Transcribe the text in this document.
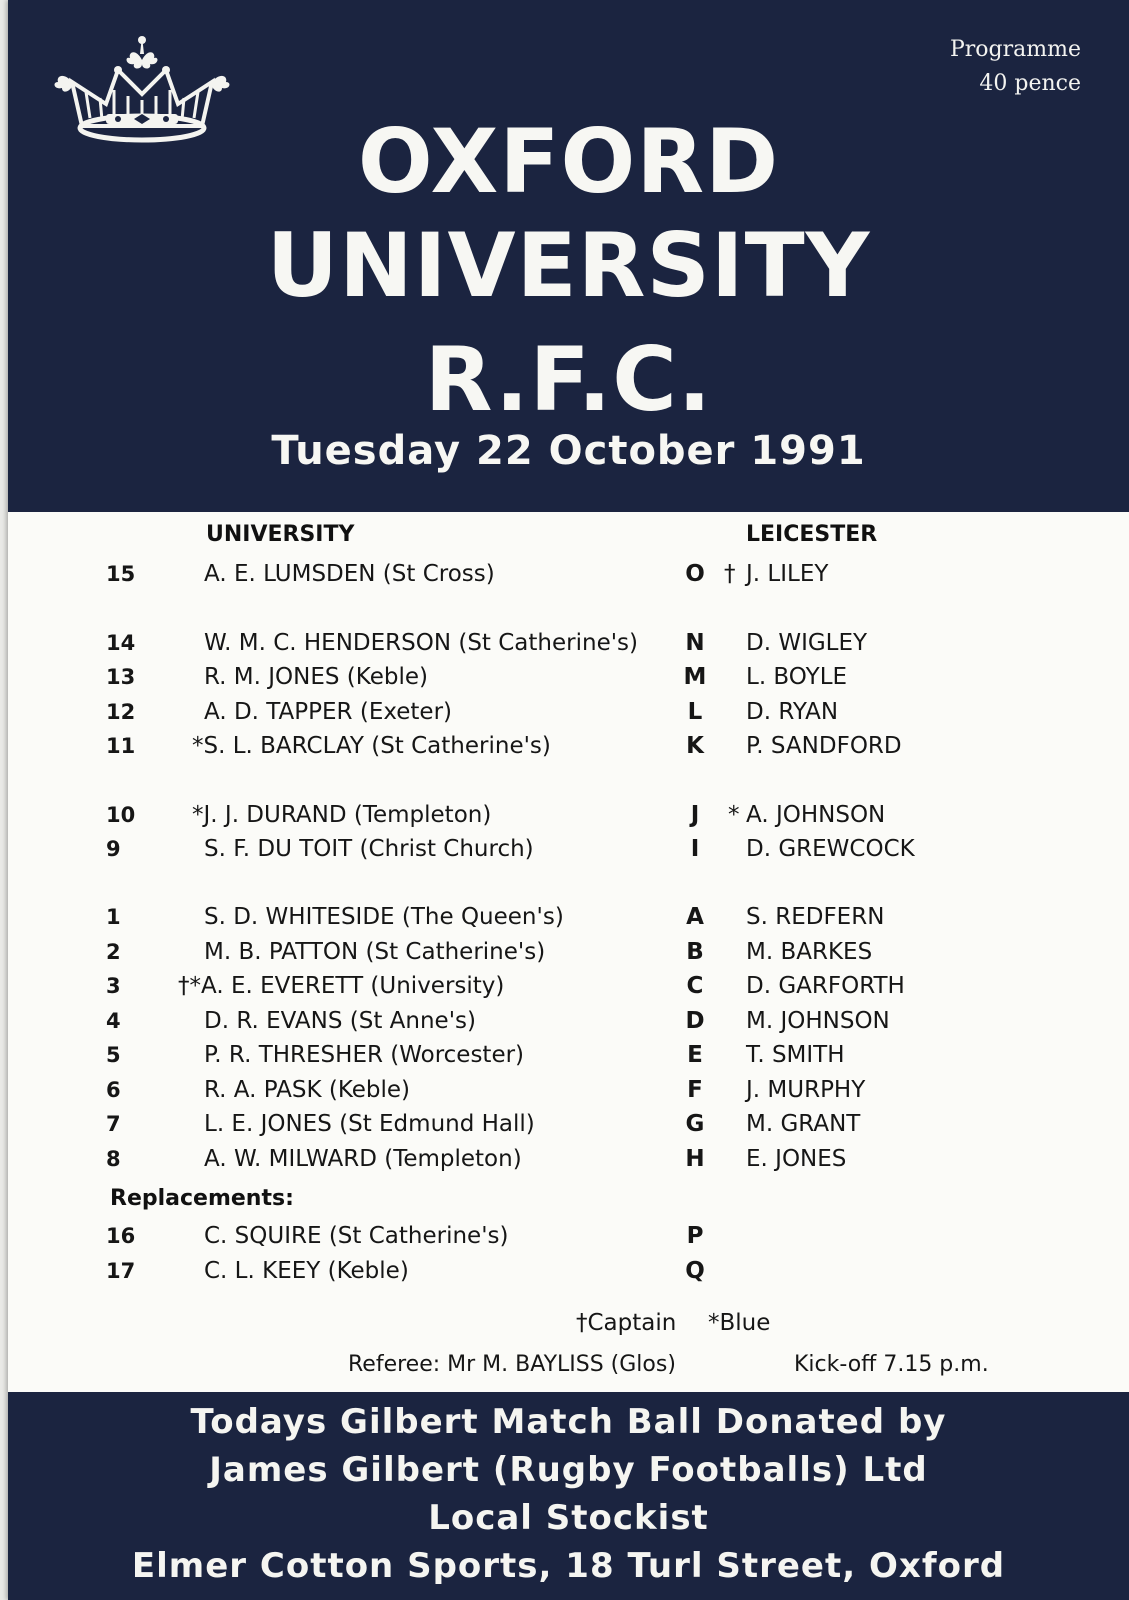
Programme
40 pence
OXFORD
UNIVERSITY
R.F.C.
Tuesday 22 October 1991
UNIVERSITY	LEICESTER
15	A. E. LUMSDEN (St Cross)	O † J. LILEY
14	W. M. C. HENDERSON (St Catherine's) N D. WIGLEY
13	R. M. JONES (Keble)	M L. BOYLE
12	A. D. TAPPER (Exeter)	L	D. RYAN
11 *S. L. BARCLAY (St Catherine's)	K P. SANDFORD
10 *J. J. DURAND (Templeton)	J	* A. JOHNSON
9	S. F. DU TOIT (Christ Church)	I	D. GREWCOCK
1	S. D. WHITESIDE (The Queen's)	A S. REDFERN
2	M. B. PATTON (St Catherine's)	B M. BARKES
3 †*A. E. EVERETT (University)	C D. GARFORTH
4	D. R. EVANS (St Anne's)	D M. JOHNSON
5	P. R. THRESHER (Worcester)	E	T. SMITH
6	R. A. PASK (Keble)	F	J. MURPHY
7	L. E. JONES (St Edmund Hall)	G M. GRANT
8	A. W. MILWARD (Templeton)	H E. JONES
Replacements:
16	C. SQUIRE (St Catherine's)	P
17	C. L. KEEY (Keble)	Q
†Captain *Blue
Referee: Mr M. BAYLISS (Glos)	Kick-off 7.15 p.m.
Todays Gilbert Match Ball Donated by
James Gilbert (Rugby Footballs) Ltd
Local Stockist
Elmer Cotton Sports, 18 Turl Street, Oxford
